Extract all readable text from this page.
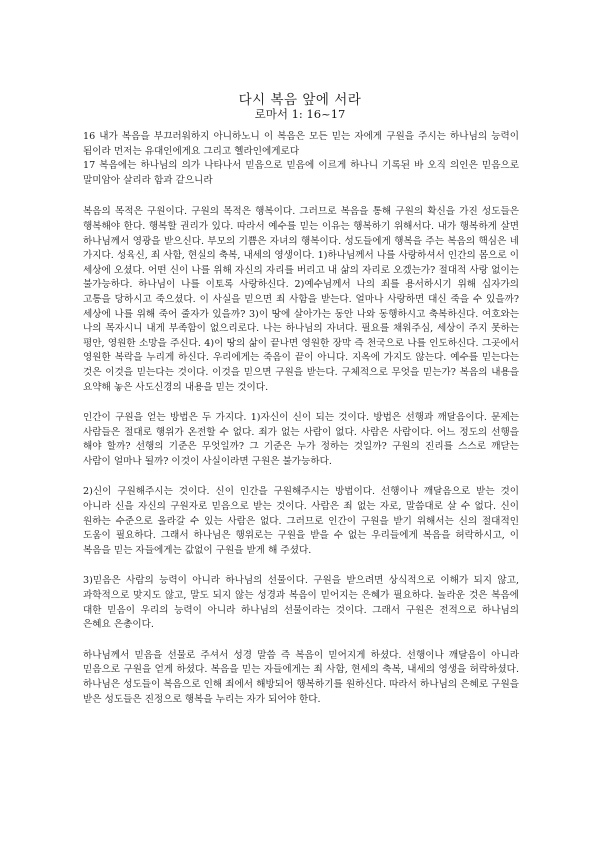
다시 복음 앞에 서라
로마서 1: 16~17

16 내가 복음을 부끄러워하지 아니하노니 이 복음은 모든 믿는 자에게 구원을 주시는 하나님의 능력이 됨이라 먼저는 유대인에게요 그리고 헬라인에게로다

17 복음에는 하나님의 의가 나타나서 믿음으로 믿음에 이르게 하나니 기록된 바 오직 의인은 믿음으로 말미암아 살리라 함과 같으니라

복음의 목적은 구원이다. 구원의 목적은 행복이다. 그러므로 복음을 통해 구원의 확신을 가진 성도들은 행복해야 한다. 행복할 권리가 있다. 따라서 예수를 믿는 이유는 행복하기 위해서다. 내가 행복하게 살면 하나님께서 영광을 받으신다. 부모의 기쁨은 자녀의 행복이다. 성도들에게 행복을 주는 복음의 핵심은 네 가지다. 성육신, 죄 사함, 현실의 축복, 내세의 영생이다. 1)하나님께서 나를 사랑하셔서 인간의 몸으로 이 세상에 오셨다. 어떤 신이 나를 위해 자신의 자리를 버리고 내 삶의 자리로 오겠는가? 절대적 사랑 없이는 불가능하다. 하나님이 나를 이토록 사랑하신다. 2)예수님께서 나의 죄를 용서하시기 위해 십자가의 고통을 당하시고 죽으셨다. 이 사실을 믿으면 죄 사함을 받는다. 얼마나 사랑하면 대신 죽을 수 있을까? 세상에 나를 위해 죽어 줄자가 있을까? 3)이 땅에 살아가는 동안 나와 동행하시고 축복하신다. 여호와는 나의 목자시니 내게 부족함이 없으리로다. 나는 하나님의 자녀다. 필요를 채워주심, 세상이 주지 못하는 평안, 영원한 소망을 주신다. 4)이 땅의 삶이 끝나면 영원한 장막 즉 천국으로 나를 인도하신다. 그곳에서 영원한 복락을 누리게 하신다. 우리에게는 죽음이 끝이 아니다. 지옥에 가지도 않는다. 예수를 믿는다는 것은 이것을 믿는다는 것이다. 이것을 믿으면 구원을 받는다. 구체적으로 무엇을 믿는가? 복음의 내용을 요약해 놓은 사도신경의 내용을 믿는 것이다.

인간이 구원을 얻는 방법은 두 가지다. 1)자신이 신이 되는 것이다. 방법은 선행과 깨달음이다. 문제는 사람들은 절대로 행위가 온전할 수 없다. 죄가 없는 사람이 없다. 사람은 사람이다. 어느 정도의 선행을 해야 할까? 선행의 기준은 무엇일까? 그 기준은 누가 정하는 것일까? 구원의 진리를 스스로 깨닫는 사람이 얼마나 될까? 이것이 사실이라면 구원은 불가능하다.

2)신이 구원해주시는 것이다. 신이 인간을 구원해주시는 방법이다. 선행이나 깨달음으로 받는 것이 아니라 신을 자신의 구원자로 믿음으로 받는 것이다. 사람은 죄 없는 자로, 말씀대로 살 수 없다. 신이 원하는 수준으로 올라갈 수 있는 사람은 없다. 그러므로 인간이 구원을 받기 위해서는 신의 절대적인 도움이 필요하다. 그래서 하나님은 행위로는 구원을 받을 수 없는 우리들에게 복음을 허락하시고, 이 복음을 믿는 자들에게는 값없이 구원을 받게 해 주셨다.

3)믿음은 사람의 능력이 아니라 하나님의 선물이다. 구원을 받으려면 상식적으로 이해가 되지 않고, 과학적으로 맞지도 않고, 말도 되지 않는 성경과 복음이 믿어지는 은혜가 필요하다. 놀라운 것은 복음에 대한 믿음이 우리의 능력이 아니라 하나님의 선물이라는 것이다. 그래서 구원은 전적으로 하나님의 은혜요 은총이다.

하나님께서 믿음을 선물로 주셔서 성경 말씀 즉 복음이 믿어지게 하셨다. 선행이나 깨달음이 아니라 믿음으로 구원을 얻게 하셨다. 복음을 믿는 자들에게는 죄 사함, 현세의 축복, 내세의 영생을 허락하셨다. 하나님은 성도들이 복음으로 인해 죄에서 해방되어 행복하기를 원하신다. 따라서 하나님의 은혜로 구원을 받은 성도들은 진정으로 행복을 누리는 자가 되어야 한다.
